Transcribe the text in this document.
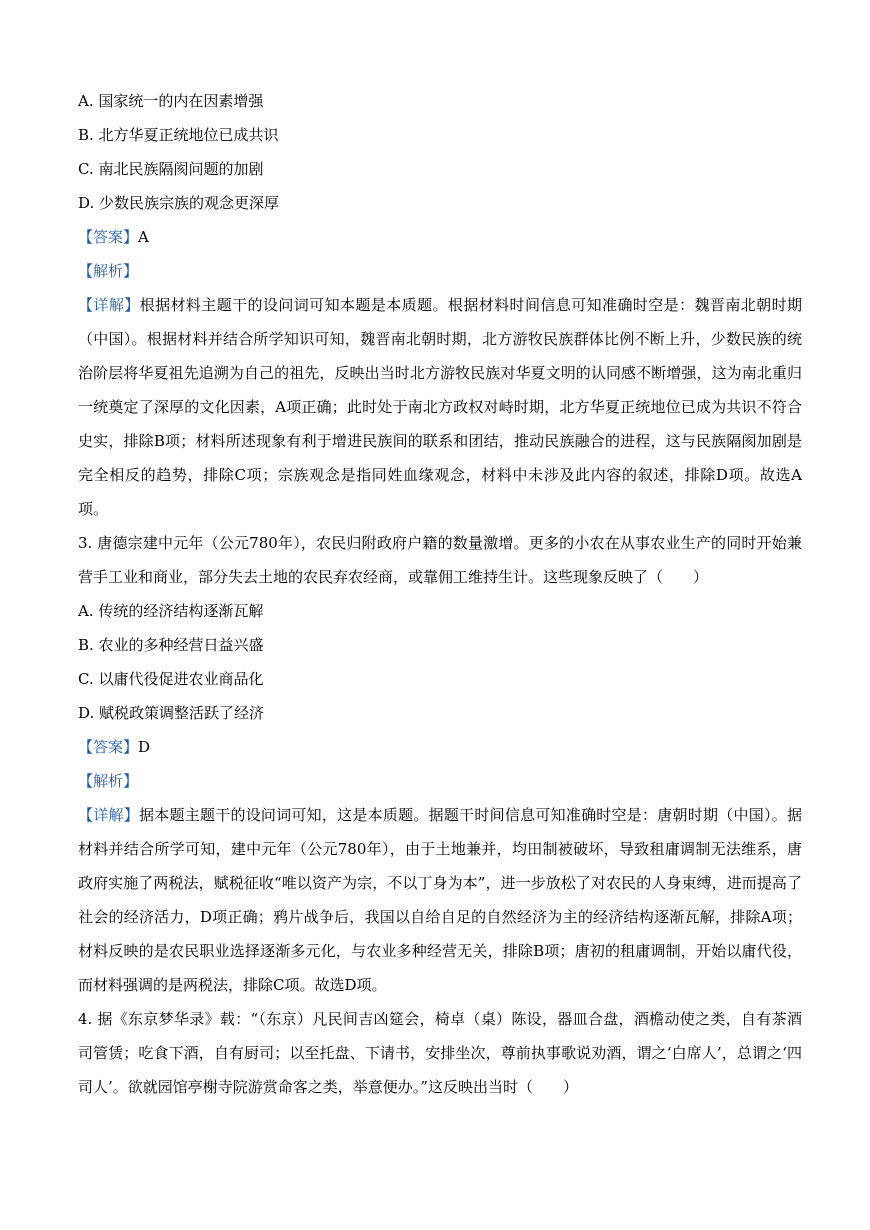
A. 国家统一的内在因素增强
B. 北方华夏正统地位已成共识
C. 南北民族隔阂问题的加剧
D. 少数民族宗族的观念更深厚
【答案】A
【解析】
【详解】根据材料主题干的设问词可知本题是本质题。根据材料时间信息可知准确时空是：魏晋南北朝时期（中国）。根据材料并结合所学知识可知，魏晋南北朝时期，北方游牧民族群体比例不断上升，少数民族的统治阶层将华夏祖先追溯为自己的祖先，反映出当时北方游牧民族对华夏文明的认同感不断增强，这为南北重归一统奠定了深厚的文化因素，A项正确；此时处于南北方政权对峙时期，北方华夏正统地位已成为共识不符合史实，排除B项；材料所述现象有利于增进民族间的联系和团结，推动民族融合的进程，这与民族隔阂加剧是完全相反的趋势，排除C项；宗族观念是指同姓血缘观念，材料中未涉及此内容的叙述，排除D项。故选A项。
3. 唐德宗建中元年（公元780年），农民归附政府户籍的数量激增。更多的小农在从事农业生产的同时开始兼营手工业和商业，部分失去土地的农民弃农经商，或靠佣工维持生计。这些现象反映了（　　）
A. 传统的经济结构逐渐瓦解
B. 农业的多种经营日益兴盛
C. 以庸代役促进农业商品化
D. 赋税政策调整活跃了经济
【答案】D
【解析】
【详解】据本题主题干的设问词可知，这是本质题。据题干时间信息可知准确时空是：唐朝时期（中国）。据材料并结合所学可知，建中元年（公元780年），由于土地兼并，均田制被破坏，导致租庸调制无法维系，唐政府实施了两税法，赋税征收“唯以资产为宗，不以丁身为本”，进一步放松了对农民的人身束缚，进而提高了社会的经济活力，D项正确；鸦片战争后，我国以自给自足的自然经济为主的经济结构逐渐瓦解，排除A项；材料反映的是农民职业选择逐渐多元化，与农业多种经营无关，排除B项；唐初的租庸调制，开始以庸代役，而材料强调的是两税法，排除C项。故选D项。
4. 据《东京梦华录》载：“（东京）凡民间吉凶筵会，椅卓（桌）陈设，器皿合盘，酒檐动使之类，自有茶酒司管赁；吃食下酒，自有厨司；以至托盘、下请书，安排坐次，尊前执事歌说劝酒，谓之‘白席人’，总谓之‘四司人’。欲就园馆亭榭寺院游赏命客之类，举意便办。”这反映出当时（　　）
